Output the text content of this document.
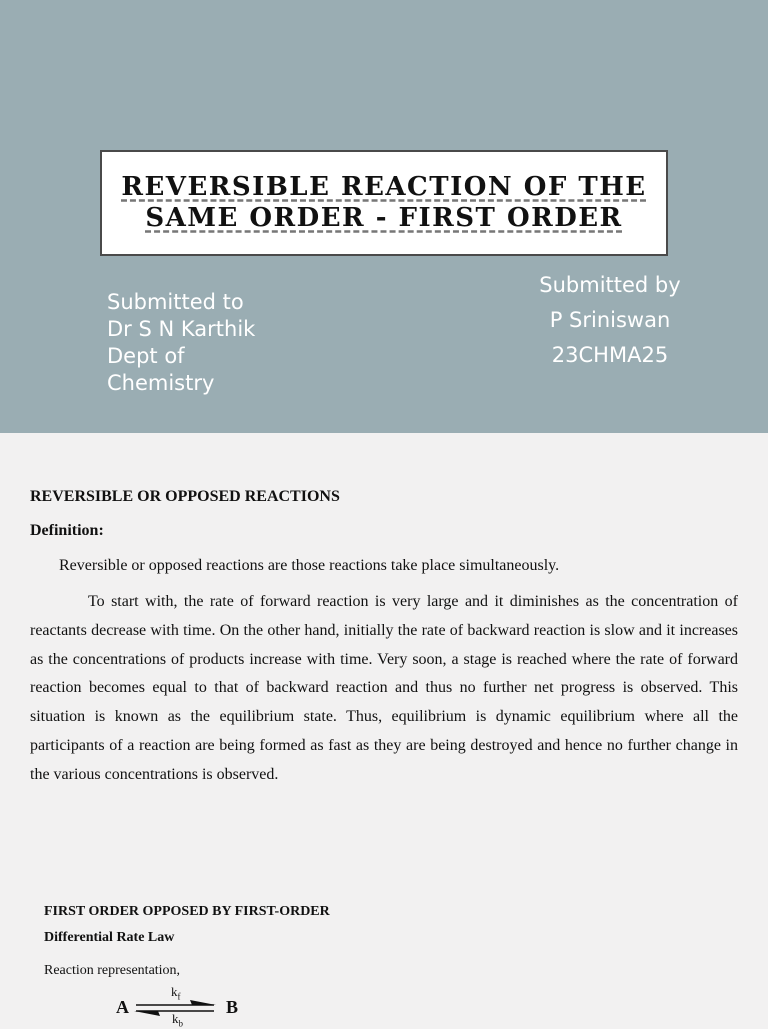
REVERSIBLE REACTION OF THE
SAME ORDER - FIRST ORDER
Submitted to
Dr S N Karthik
Dept of
Chemistry
Submitted by
P Sriniswan
23CHMA25
REVERSIBLE OR OPPOSED REACTIONS
Definition:
Reversible or opposed reactions are those reactions take place simultaneously.

To start with, the rate of forward reaction is very large and it diminishes as the concentration of reactants decrease with time. On the other hand, initially the rate of backward reaction is slow and it increases as the concentrations of products increase with time. Very soon, a stage is reached where the rate of forward reaction becomes equal to that of backward reaction and thus no further net progress is observed. This situation is known as the equilibrium state. Thus, equilibrium is dynamic equilibrium where all the participants of a reaction are being formed as fast as they are being destroyed and hence no further change in the various concentrations is observed.

FIRST ORDER OPPOSED BY FIRST-ORDER
Differential Rate Law
Reaction representation,
A
$k_f$
$k_b$
B
